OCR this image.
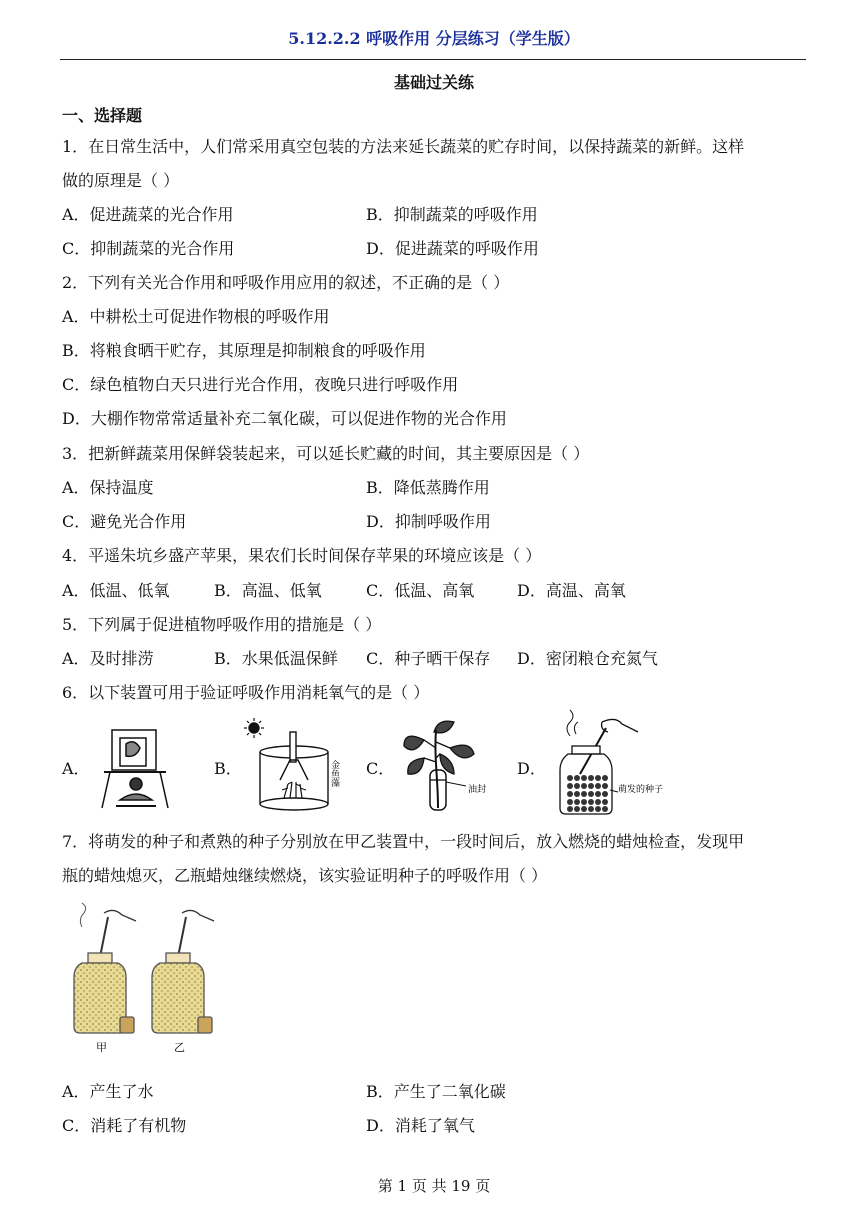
5.12.2.2 呼吸作用 分层练习（学生版）
基础过关练
一、选择题
1．在日常生活中，人们常采用真空包装的方法来延长蔬菜的贮存时间，以保持蔬菜的新鲜。这样
做的原理是（ ）
A．促进蔬菜的光合作用	B．抑制蔬菜的呼吸作用
C．抑制蔬菜的光合作用	D．促进蔬菜的呼吸作用
2．下列有关光合作用和呼吸作用应用的叙述，不正确的是（ ）
A．中耕松土可促进作物根的呼吸作用
B．将粮食晒干贮存，其原理是抑制粮食的呼吸作用
C．绿色植物白天只进行光合作用，夜晚只进行呼吸作用
D．大棚作物常常适量补充二氧化碳，可以促进作物的光合作用
3．把新鲜蔬菜用保鲜袋装起来，可以延长贮藏的时间，其主要原因是（ ）
A．保持温度	B．降低蒸腾作用
C．避免光合作用	D．抑制呼吸作用
4．平遥朱坑乡盛产苹果，果农们长时间保存苹果的环境应该是（ ）
A．低温、低氧	B．高温、低氧	C．低温、高氧	D．高温、高氧
5．下列属于促进植物呼吸作用的措施是（ ）
A．及时排涝	B．水果低温保鲜 C．种子晒干保存 D．密闭粮仓充氮气
6．以下装置可用于验证呼吸作用消耗氧气的是（ ）
A．	B．	C．	D．
金鱼藻
油封	萌发的种子
7．将萌发的种子和煮熟的种子分别放在甲乙装置中，一段时间后，放入燃烧的蜡烛检查，发现甲
瓶的蜡烛熄灭，乙瓶蜡烛继续燃烧，该实验证明种子的呼吸作用（ ）
甲	乙
A．产生了水	B．产生了二氧化碳
C．消耗了有机物	D．消耗了氧气
第 1 页 共 19 页
